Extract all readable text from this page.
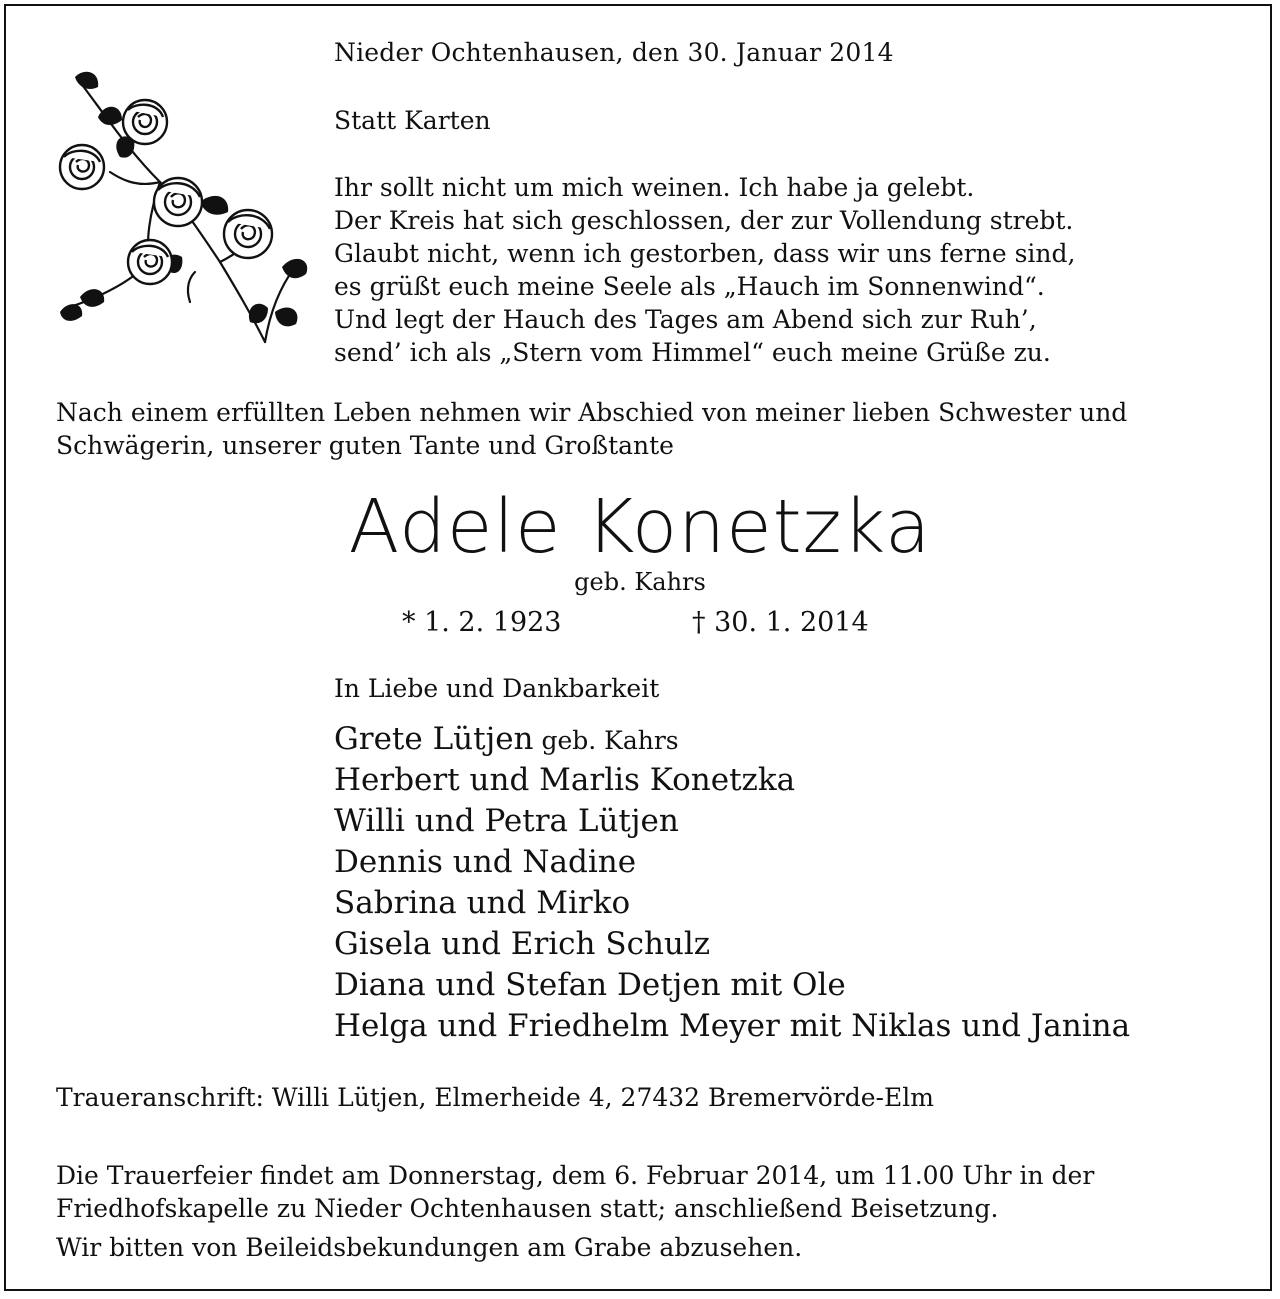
Nieder Ochtenhausen, den 30. Januar 2014
Statt Karten
Ihr sollt nicht um mich weinen. Ich habe ja gelebt.
Der Kreis hat sich geschlossen, der zur Vollendung strebt.
Glaubt nicht, wenn ich gestorben, dass wir uns ferne sind,
es grüßt euch meine Seele als „Hauch im Sonnenwind“.
Und legt der Hauch des Tages am Abend sich zur Ruh’,
send’ ich als „Stern vom Himmel“ euch meine Grüße zu.
Nach einem erfüllten Leben nehmen wir Abschied von meiner lieben Schwester und
Schwägerin, unserer guten Tante und Großtante
Adele Konetzka
geb. Kahrs
* 1. 2. 1923	† 30. 1. 2014
In Liebe und Dankbarkeit
Grete Lütjen geb. Kahrs
Herbert und Marlis Konetzka
Willi und Petra Lütjen
Dennis und Nadine
Sabrina und Mirko
Gisela und Erich Schulz
Diana und Stefan Detjen mit Ole
Helga und Friedhelm Meyer mit Niklas und Janina
Traueranschrift: Willi Lütjen, Elmerheide 4, 27432 Bremervörde-Elm
Die Trauerfeier findet am Donnerstag, dem 6. Februar 2014, um 11.00 Uhr in der
Friedhofskapelle zu Nieder Ochtenhausen statt; anschließend Beisetzung.
Wir bitten von Beileidsbekundungen am Grabe abzusehen.
